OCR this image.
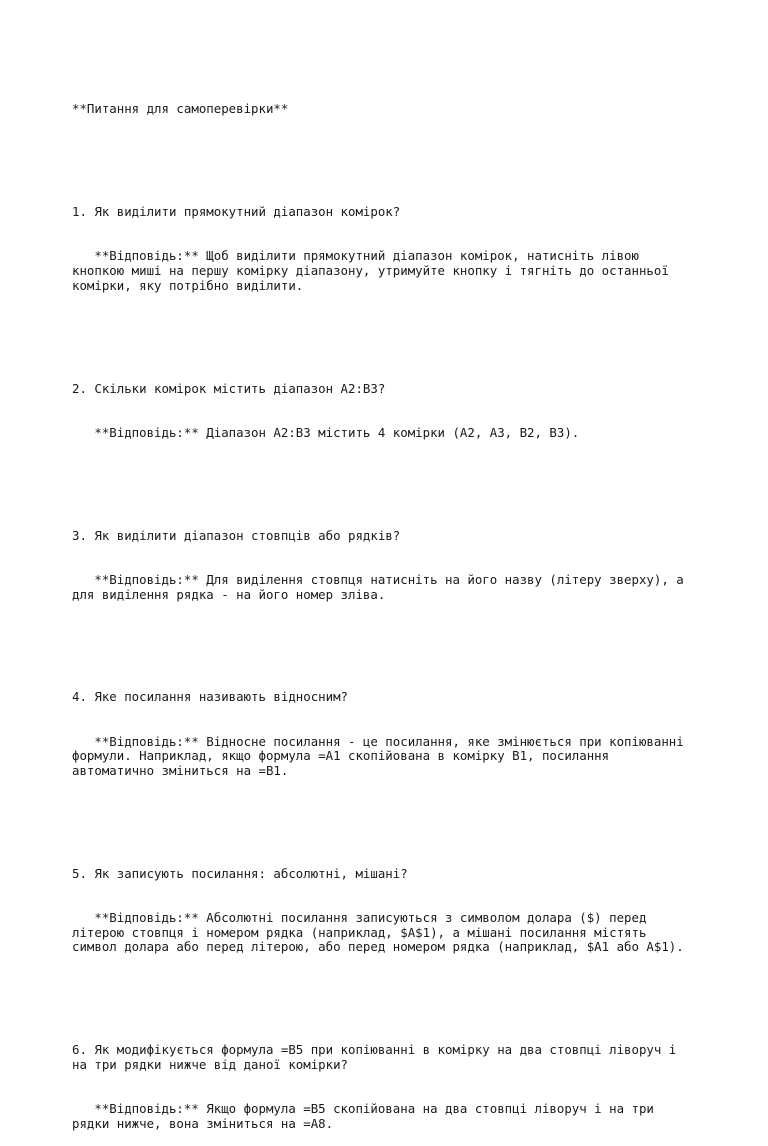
**Питання для самоперевірки**

1. Як виділити прямокутний діапазон комірок?

**Відповідь:** Щоб виділити прямокутний діапазон комірок, натисніть лівою
кнопкою миші на першу комірку діапазону, утримуйте кнопку і тягніть до останньої
комірки, яку потрібно виділити.

2. Скільки комірок містить діапазон A2:B3?

**Відповідь:** Діапазон A2:B3 містить 4 комірки (A2, A3, B2, B3).

3. Як виділити діапазон стовпців або рядків?

**Відповідь:** Для виділення стовпця натисніть на його назву (літеру зверху), а
для виділення рядка - на його номер зліва.

4. Яке посилання називають відносним?

**Відповідь:** Відносне посилання - це посилання, яке змінюється при копіюванні
формули. Наприклад, якщо формула =A1 скопійована в комірку B1, посилання
автоматично зміниться на =B1.

5. Як записують посилання: абсолютні, мішані?

**Відповідь:** Абсолютні посилання записуються з символом долара ($) перед
літерою стовпця і номером рядка (наприклад, $A$1), а мішані посилання містять
символ долара або перед літерою, або перед номером рядка (наприклад, $A1 або A$1).

6. Як модифікується формула =B5 при копіюванні в комірку на два стовпці ліворуч і
на три рядки нижче від даної комірки?

**Відповідь:** Якщо формула =B5 скопійована на два стовпці ліворуч і на три
рядки нижче, вона зміниться на =A8.
